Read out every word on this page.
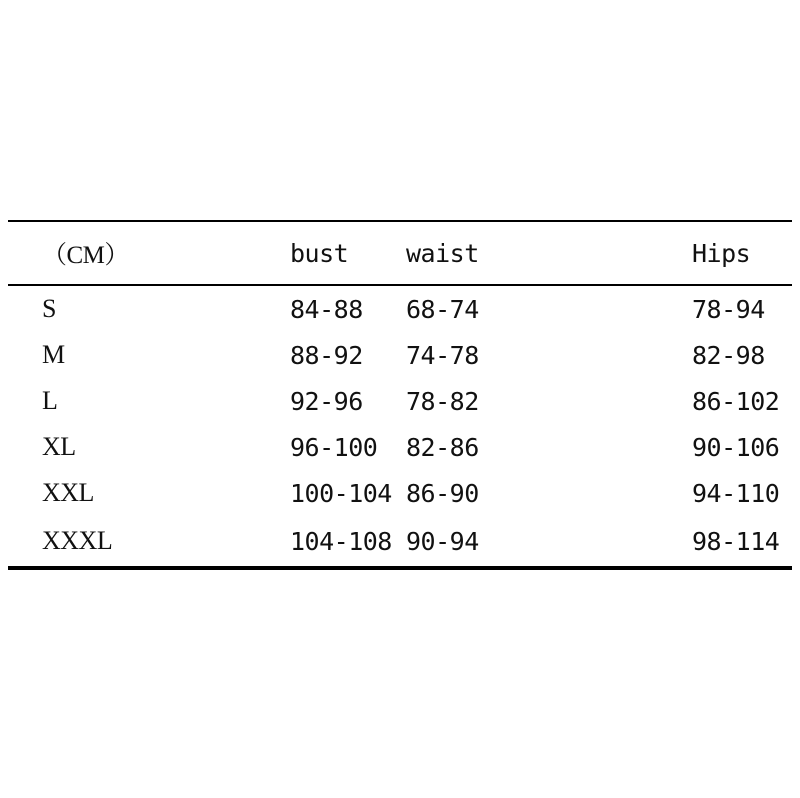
（CM）	bust	waist	Hips

S	84-88	68-74	78-94

M	88-92	74-78	82-98

L	92-96	78-82	86-102

XL	96-100	82-86	90-106

XXL	100-104	86-90	94-110

XXXL	104-108	90-94	98-114
